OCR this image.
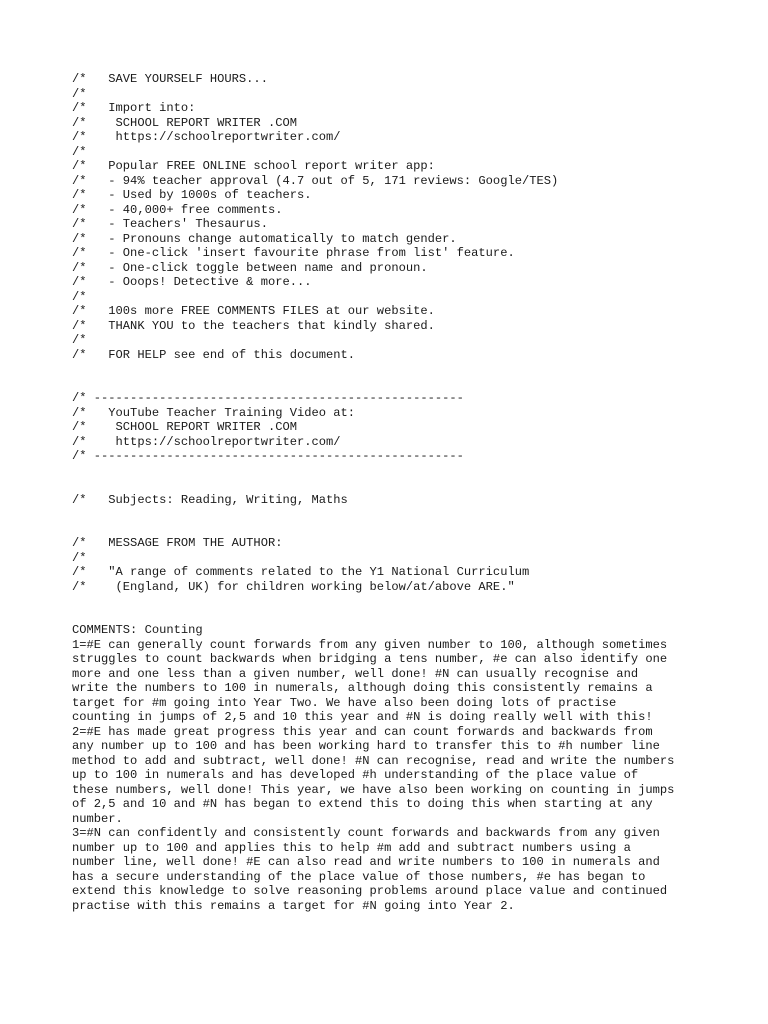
/*   SAVE YOURSELF HOURS...
/*
/*   Import into:
/*    SCHOOL REPORT WRITER .COM
/*    https://schoolreportwriter.com/
/*
/*   Popular FREE ONLINE school report writer app:
/*   - 94% teacher approval (4.7 out of 5, 171 reviews: Google/TES)
/*   - Used by 1000s of teachers.
/*   - 40,000+ free comments.
/*   - Teachers' Thesaurus.
/*   - Pronouns change automatically to match gender.
/*   - One-click 'insert favourite phrase from list' feature.
/*   - One-click toggle between name and pronoun.
/*   - Ooops! Detective & more...
/*
/*   100s more FREE COMMENTS FILES at our website.
/*   THANK YOU to the teachers that kindly shared.
/*
/*   FOR HELP see end of this document.
/* ---------------------------------------------------
/*   YouTube Teacher Training Video at:
/*    SCHOOL REPORT WRITER .COM
/*    https://schoolreportwriter.com/
/* ---------------------------------------------------
/*   Subjects: Reading, Writing, Maths
/*   MESSAGE FROM THE AUTHOR:
/*
/*   "A range of comments related to the Y1 National Curriculum
/*    (England, UK) for children working below/at/above ARE."
COMMENTS: Counting
1=#E can generally count forwards from any given number to 100, although sometimes
struggles to count backwards when bridging a tens number, #e can also identify one
more and one less than a given number, well done! #N can usually recognise and
write the numbers to 100 in numerals, although doing this consistently remains a
target for #m going into Year Two. We have also been doing lots of practise
counting in jumps of 2,5 and 10 this year and #N is doing really well with this!
2=#E has made great progress this year and can count forwards and backwards from
any number up to 100 and has been working hard to transfer this to #h number line
method to add and subtract, well done! #N can recognise, read and write the numbers
up to 100 in numerals and has developed #h understanding of the place value of
these numbers, well done! This year, we have also been working on counting in jumps
of 2,5 and 10 and #N has began to extend this to doing this when starting at any
number.
3=#N can confidently and consistently count forwards and backwards from any given
number up to 100 and applies this to help #m add and subtract numbers using a
number line, well done! #E can also read and write numbers to 100 in numerals and
has a secure understanding of the place value of those numbers, #e has began to
extend this knowledge to solve reasoning problems around place value and continued
practise with this remains a target for #N going into Year 2.
